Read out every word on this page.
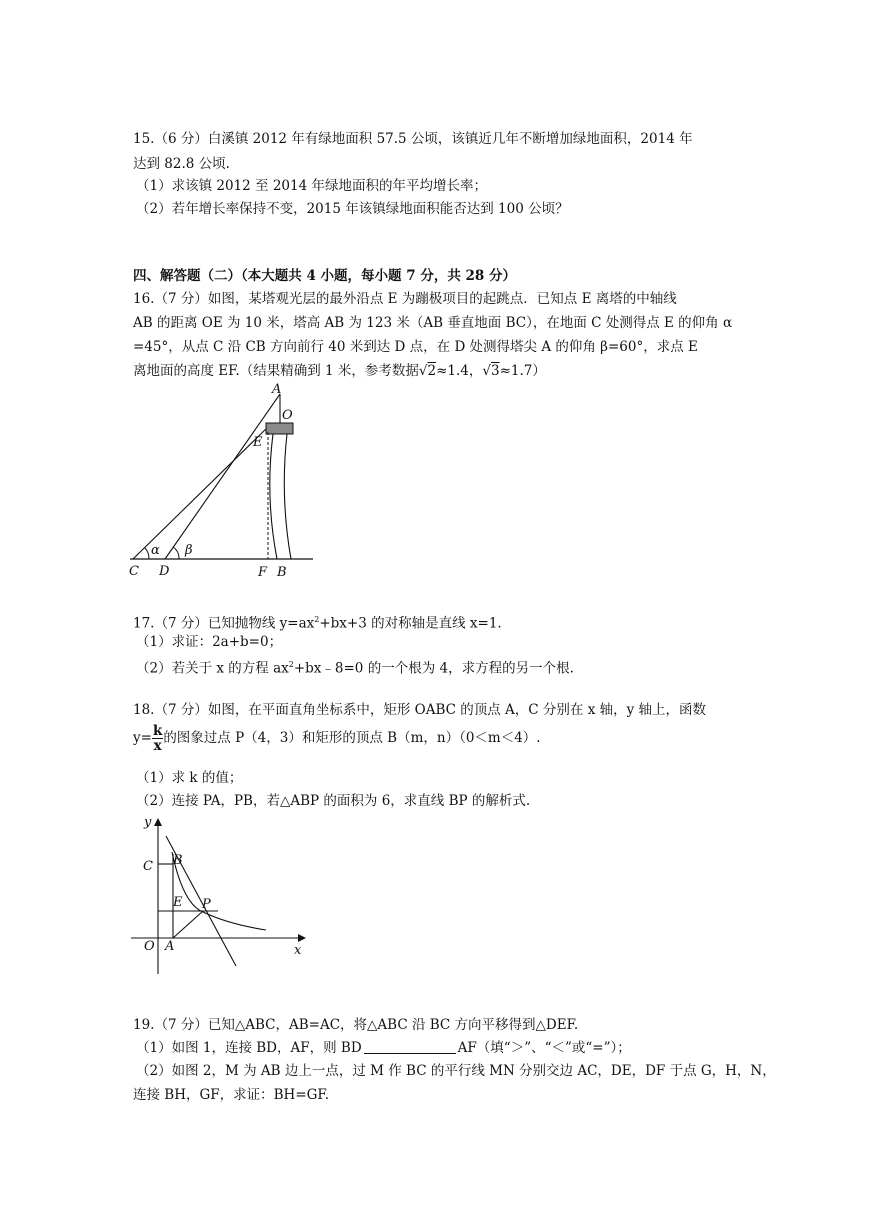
15.（6 分）白溪镇 2012 年有绿地面积 57.5 公顷，该镇近几年不断增加绿地面积，2014 年
达到 82.8 公顷.
（1）求该镇 2012 至 2014 年绿地面积的年平均增长率；
（2）若年增长率保持不变，2015 年该镇绿地面积能否达到 100 公顷？
四、解答题（二）（本大题共 4 小题，每小题 7 分，共 28 分）
16.（7 分）如图，某塔观光层的最外沿点 E 为蹦极项目的起跳点．已知点 E 离塔的中轴线
AB 的距离 OE 为 10 米，塔高 AB 为 123 米（AB 垂直地面 BC），在地面 C 处测得点 E 的仰角 α
=45°，从点 C 沿 CB 方向前行 40 米到达 D 点，在 D 处测得塔尖 A 的仰角 β=60°，求点 E
离地面的高度 EF.（结果精确到 1 米，参考数据√2≈1.4，√3≈1.7）
A
O
E
α β
C D	F B
17.（7 分）已知抛物线 $y=ax^2+bx+3$ 的对称轴是直线 x=1.
（1）求证：2a+b=0；
（2）若关于 x 的方程 $ax^2+bx﹣8=0$ 的一个根为 4，求方程的另一个根.
18.（7 分）如图，在平面直角坐标系中，矩形 OABC 的顶点 A，C 分别在 x 轴，y 轴上，函数
$y= \frac{k}{x}$ 的图象过点 P（4，3）和矩形的顶点 B（m，n）（0＜m＜4）.
（1）求 k 的值；
（2）连接 PA，PB，若△ABP 的面积为 6，求直线 BP 的解析式.
y
x
O A
C B
E P
19.（7 分）已知△ABC，AB=AC，将△ABC 沿 BC 方向平移得到△DEF.
（1）如图 1，连接 BD，AF，则 BD	AF（填“＞”、“＜”或“=”）；
（2）如图 2，M 为 AB 边上一点，过 M 作 BC 的平行线 MN 分别交边 AC，DE，DF 于点 G，H，N，
连接 BH，GF，求证：BH=GF.
